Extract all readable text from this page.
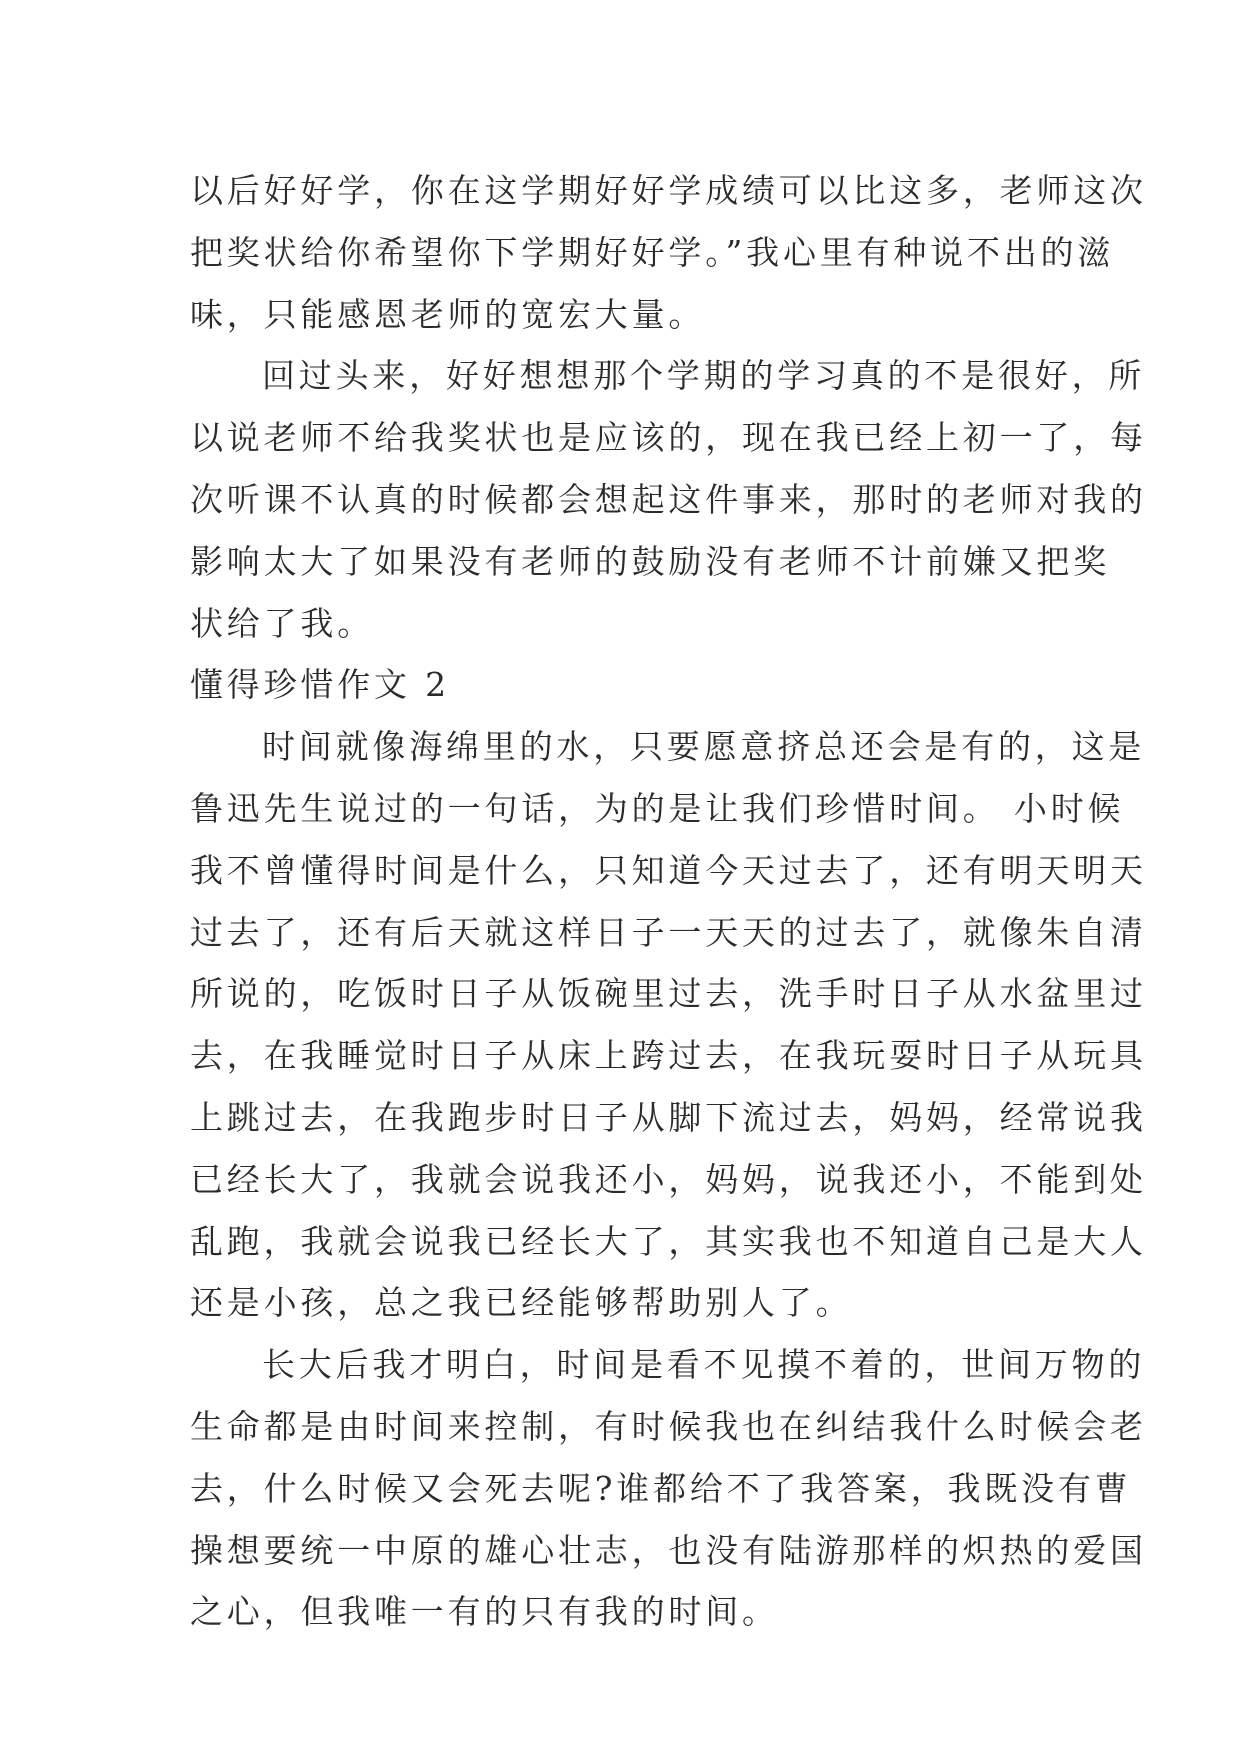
以后好好学，你在这学期好好学成绩可以比这多，老师这次
把奖状给你希望你下学期好好学。”我心里有种说不出的滋
味，只能感恩老师的宽宏大量。
回过头来，好好想想那个学期的学习真的不是很好，所
以说老师不给我奖状也是应该的，现在我已经上初一了，每
次听课不认真的时候都会想起这件事来，那时的老师对我的
影响太大了如果没有老师的鼓励没有老师不计前嫌又把奖
状给了我。
懂得珍惜作文 2
时间就像海绵里的水，只要愿意挤总还会是有的，这是
鲁迅先生说过的一句话，为的是让我们珍惜时间。 小时候
我不曾懂得时间是什么，只知道今天过去了，还有明天明天
过去了，还有后天就这样日子一天天的过去了，就像朱自清
所说的，吃饭时日子从饭碗里过去，洗手时日子从水盆里过
去，在我睡觉时日子从床上跨过去，在我玩耍时日子从玩具
上跳过去，在我跑步时日子从脚下流过去，妈妈，经常说我
已经长大了，我就会说我还小，妈妈，说我还小，不能到处
乱跑，我就会说我已经长大了，其实我也不知道自己是大人
还是小孩，总之我已经能够帮助别人了。
长大后我才明白，时间是看不见摸不着的，世间万物的
生命都是由时间来控制，有时候我也在纠结我什么时候会老
去，什么时候又会死去呢?谁都给不了我答案，我既没有曹
操想要统一中原的雄心壮志，也没有陆游那样的炽热的爱国
之心，但我唯一有的只有我的时间。
